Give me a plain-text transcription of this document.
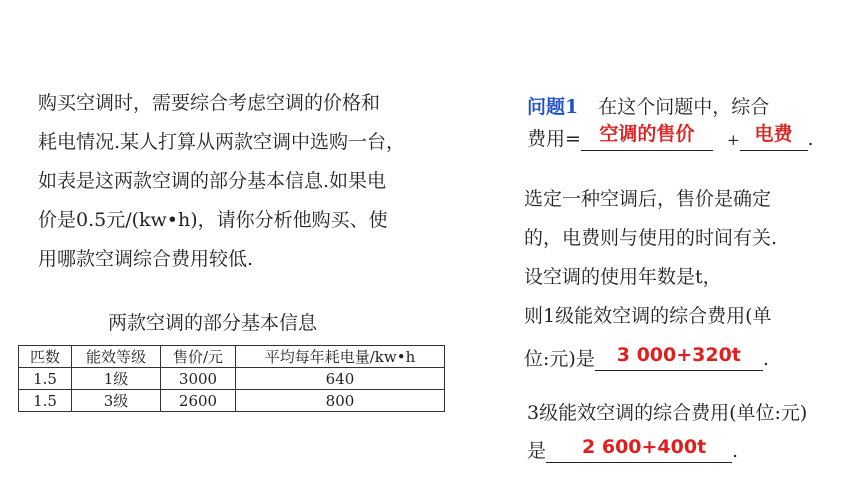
购买空调时，需要综合考虑空调的价格和
耗电情况.某人打算从两款空调中选购一台，
如表是这两款空调的部分基本信息.如果电
价是0.5元/(kw•h)，请你分析他购买、使
用哪款空调综合费用较低.
两款空调的部分基本信息
匹数	能效等级	售价/元	平均每年耗电量/kw•h
1.5	1级	3000	640
1.5	3级	2600	800
问题1 在这个问题中，综合
费用= 空调的售价	+ 电费 .
选定一种空调后，售价是确定
的，电费则与使用的时间有关.
设空调的使用年数是t，
则1级能效空调的综合费用(单
位:元)是	3 000+320t	.
3级能效空调的综合费用(单位:元)
是 2 600+400t	.
